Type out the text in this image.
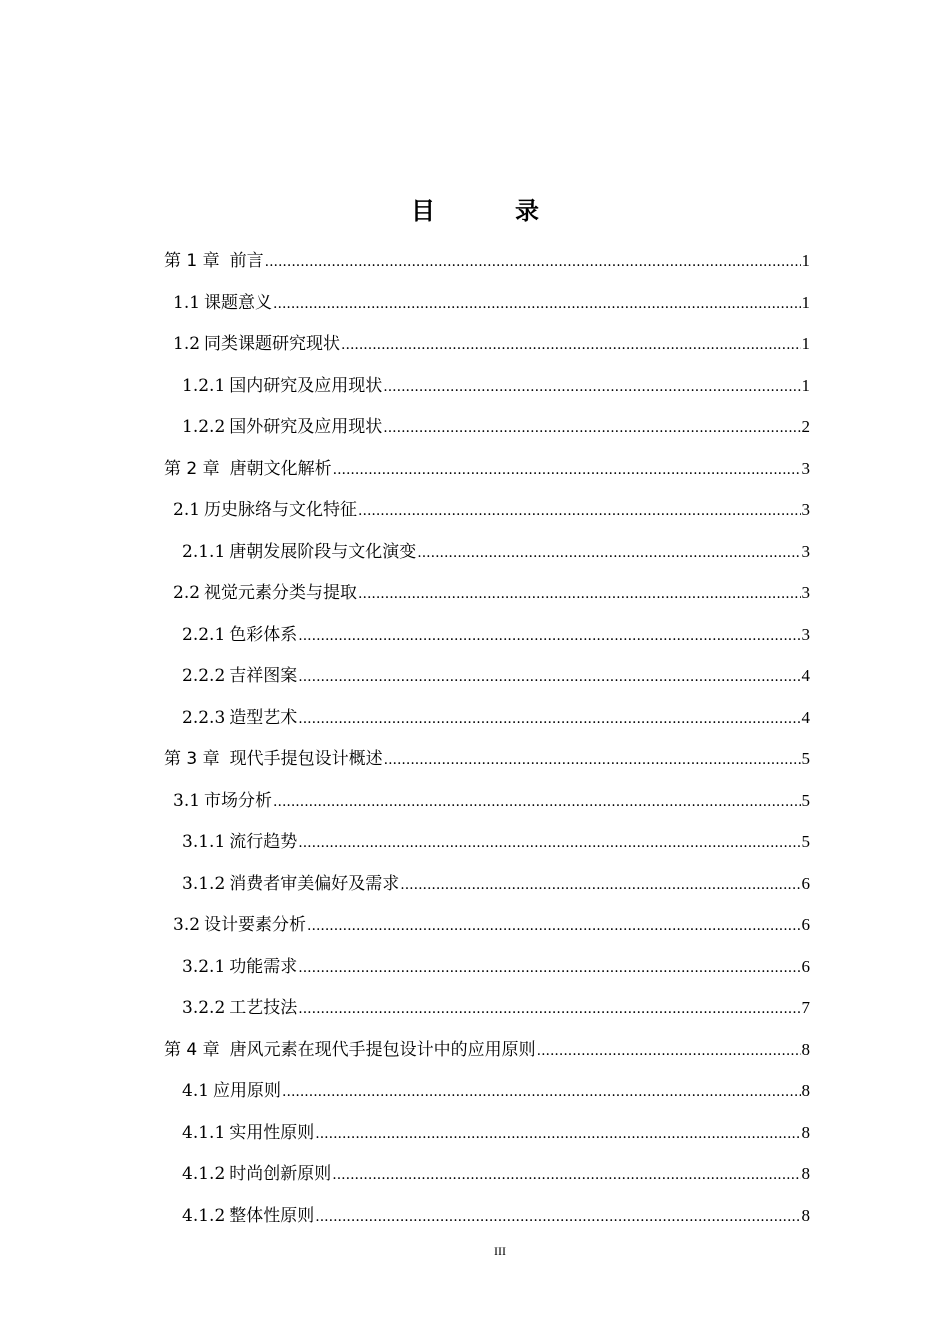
目　录
第 1 章 前言 .....	1
1.1 课题意义 .....	1
1.2 同类课题研究现状 .....	1
1.2.1 国内研究及应用现状 .....	1
1.2.2 国外研究及应用现状 .....	2
第 2 章 唐朝文化解析 .....	3
2.1 历史脉络与文化特征 .....	3
2.1.1 唐朝发展阶段与文化演变 .....	3
2.2 视觉元素分类与提取 .....	3
2.2.1 色彩体系 .....	3
2.2.2 吉祥图案 .....	4
2.2.3 造型艺术 .....	4
第 3 章 现代手提包设计概述 .....	5
3.1 市场分析 .....	5
3.1.1 流行趋势 .....	5
3.1.2 消费者审美偏好及需求 .....	6
3.2 设计要素分析 .....	6
3.2.1 功能需求 .....	6
3.2.2 工艺技法 .....	7
第 4 章 唐风元素在现代手提包设计中的应用原则 .....	8
4.1 应用原则 .....	8
4.1.1 实用性原则 .....	8
4.1.2 时尚创新原则 .....	8
4.1.2 整体性原则 .....	8
III
